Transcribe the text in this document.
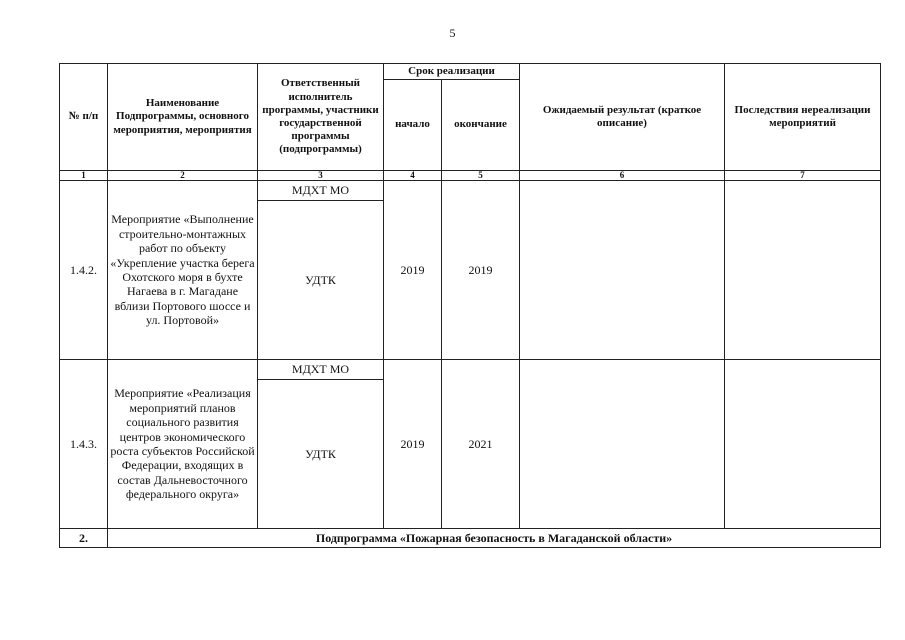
5
№ п/п	Наименование Подпрограммы, основного мероприятия, мероприятия	Ответственный исполнитель программы, участники государственной программы (подпрограммы)	Срок реализации		Ожидаемый результат (краткое описание)	Последствия нереализации мероприятий
			начало	окончание		
1	2	3	4	5	6	7
1.4.2.	Мероприятие «Выполнение строительно-монтажных работ по объекту «Укрепление участка берега Охотского моря в бухте Нагаева в г. Магадане вблизи Портового шоссе и ул. Портовой»	МДХТ МО	2019	2019		
		УДТК				
1.4.3.	Мероприятие «Реализация мероприятий планов социального развития центров экономического роста субъектов Российской Федерации, входящих в состав Дальневосточного федерального округа»	МДХТ МО	2019	2021		
		УДТК				
2.	Подпрограмма «Пожарная безопасность в Магаданской области»					
